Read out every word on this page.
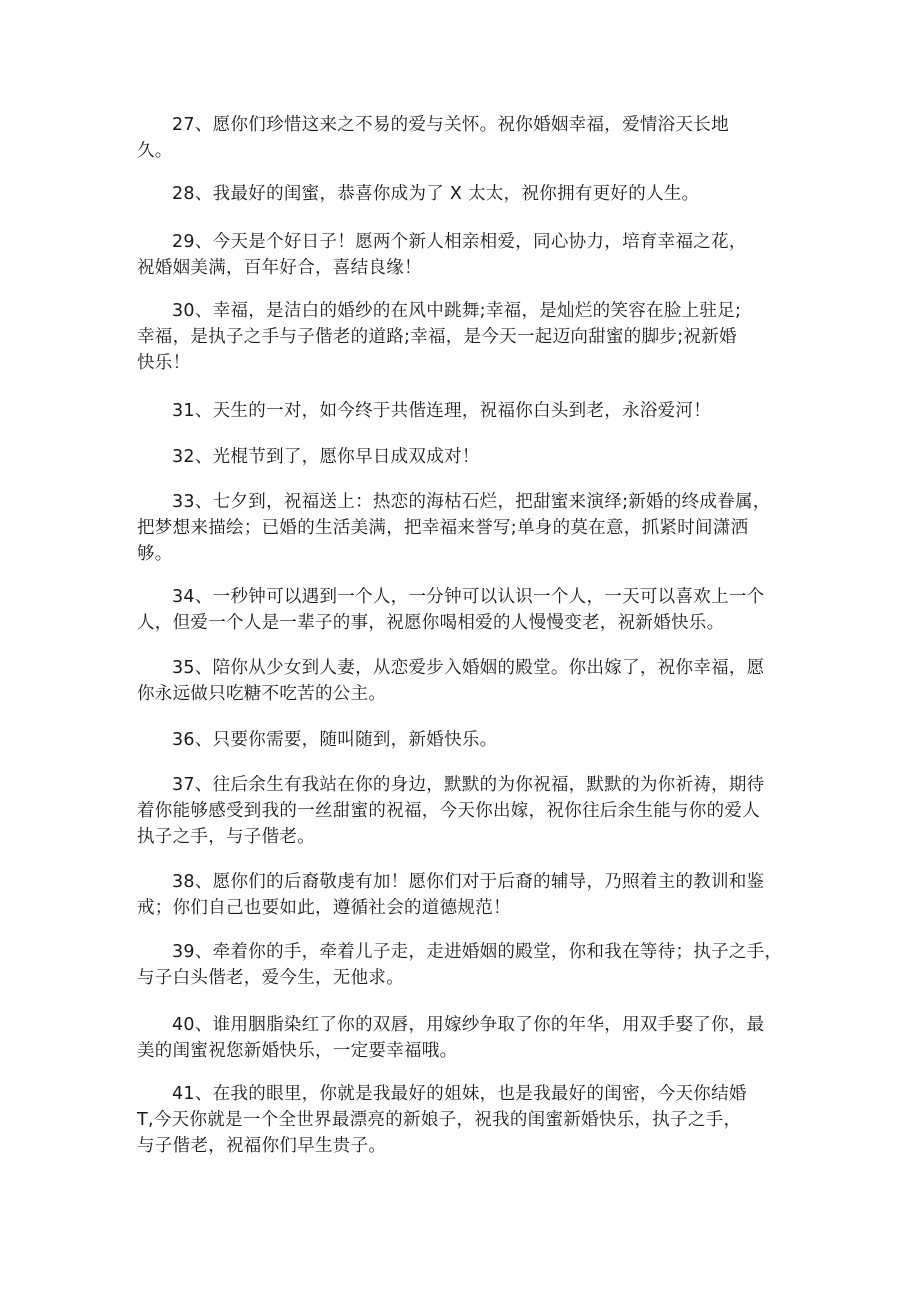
27、愿你们珍惜这来之不易的爱与关怀。祝你婚姻幸福，爱情浴天长地
久。

28、我最好的闺蜜，恭喜你成为了 X 太太，祝你拥有更好的人生。

29、今天是个好日子！愿两个新人相亲相爱，同心协力，培育幸福之花，
祝婚姻美满，百年好合，喜结良缘！

30、幸福，是洁白的婚纱的在风中跳舞;幸福，是灿烂的笑容在脸上驻足;
幸福，是执子之手与子偕老的道路;幸福，是今天一起迈向甜蜜的脚步;祝新婚
快乐！

31、天生的一对，如今终于共偕连理，祝福你白头到老，永浴爱河！

32、光棍节到了，愿你早日成双成对！

33、七夕到，祝福送上：热恋的海枯石烂，把甜蜜来演绎;新婚的终成眷属，
把梦想来描绘；已婚的生活美满，把幸福来誉写;单身的莫在意，抓紧时间潇洒
够。

34、一秒钟可以遇到一个人，一分钟可以认识一个人，一天可以喜欢上一个
人，但爱一个人是一辈子的事，祝愿你喝相爱的人慢慢变老，祝新婚快乐。

35、陪你从少女到人妻，从恋爱步入婚姻的殿堂。你出嫁了，祝你幸福，愿
你永远做只吃糖不吃苦的公主。

36、只要你需要，随叫随到，新婚快乐。

37、往后余生有我站在你的身边，默默的为你祝福，默默的为你祈祷，期待
着你能够感受到我的一丝甜蜜的祝福，今天你出嫁，祝你往后余生能与你的爱人
执子之手，与子偕老。

38、愿你们的后裔敬虔有加！愿你们对于后裔的辅导，乃照着主的教训和鉴
戒；你们自己也要如此，遵循社会的道德规范！

39、牵着你的手，牵着儿子走，走进婚姻的殿堂，你和我在等待；执子之手，
与子白头偕老，爱今生，无他求。

40、谁用胭脂染红了你的双唇，用嫁纱争取了你的年华，用双手娶了你，最
美的闺蜜祝您新婚快乐，一定要幸福哦。

41、在我的眼里，你就是我最好的姐妹，也是我最好的闺密，今天你结婚
T,今天你就是一个全世界最漂亮的新娘子，祝我的闺蜜新婚快乐，执子之手，
与子偕老，祝福你们早生贵子。
